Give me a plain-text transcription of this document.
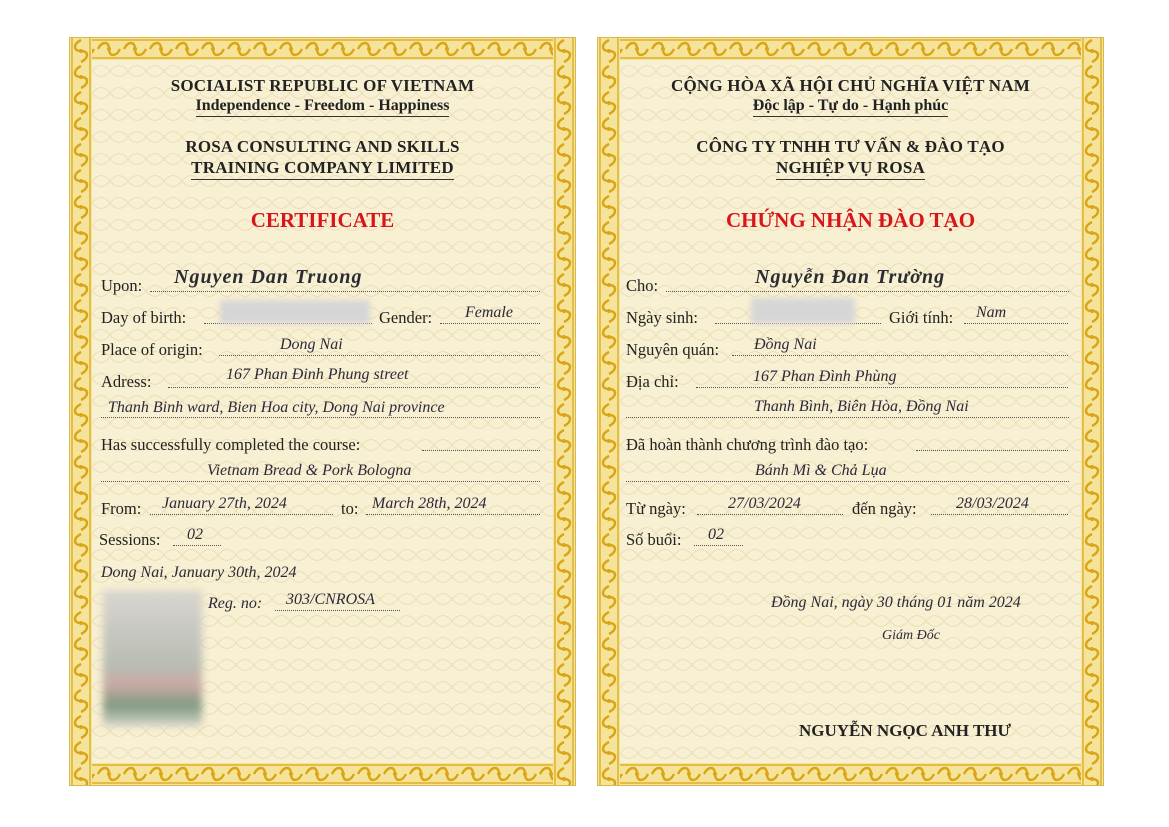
SOCIALIST REPUBLIC OF VIETNAM
Independence - Freedom - Happiness
ROSA CONSULTING AND SKILLS
TRAINING COMPANY LIMITED
CERTIFICATE
Upon: Nguyen Dan Truong
Day of birth:	Gender: Female
Place of origin:	Dong Nai
Adress:	167 Phan Đinh Phung street
Thanh Binh ward, Bien Hoa city, Dong Nai province
Has successfully completed the course:
Vietnam Bread & Pork Bologna
From: January 27th, 2024	to: March 28th, 2024
Sessions: 02
Dong Nai, January 30th, 2024
Reg. no: 303/CNROSA
CỘNG HÒA XÃ HỘI CHỦ NGHĨA VIỆT NAM
Độc lập - Tự do - Hạnh phúc
CÔNG TY TNHH TƯ VẤN & ĐÀO TẠO
NGHIỆP VỤ ROSA
CHỨNG NHẬN ĐÀO TẠO
Cho:	Nguyễn Đan Trường
Ngày sinh:	Giới tính: Nam
Nguyên quán: Đồng Nai
Địa chỉ:	167 Phan Đình Phùng
Thanh Bình, Biên Hòa, Đồng Nai
Đã hoàn thành chương trình đào tạo:
Bánh Mì & Chả Lụa
Từ ngày:	27/03/2024	đến ngày: 28/03/2024
Số buổi: 02
Đồng Nai, ngày 30 tháng 01 năm 2024
Giám Đốc
NGUYỄN NGỌC ANH THƯ
